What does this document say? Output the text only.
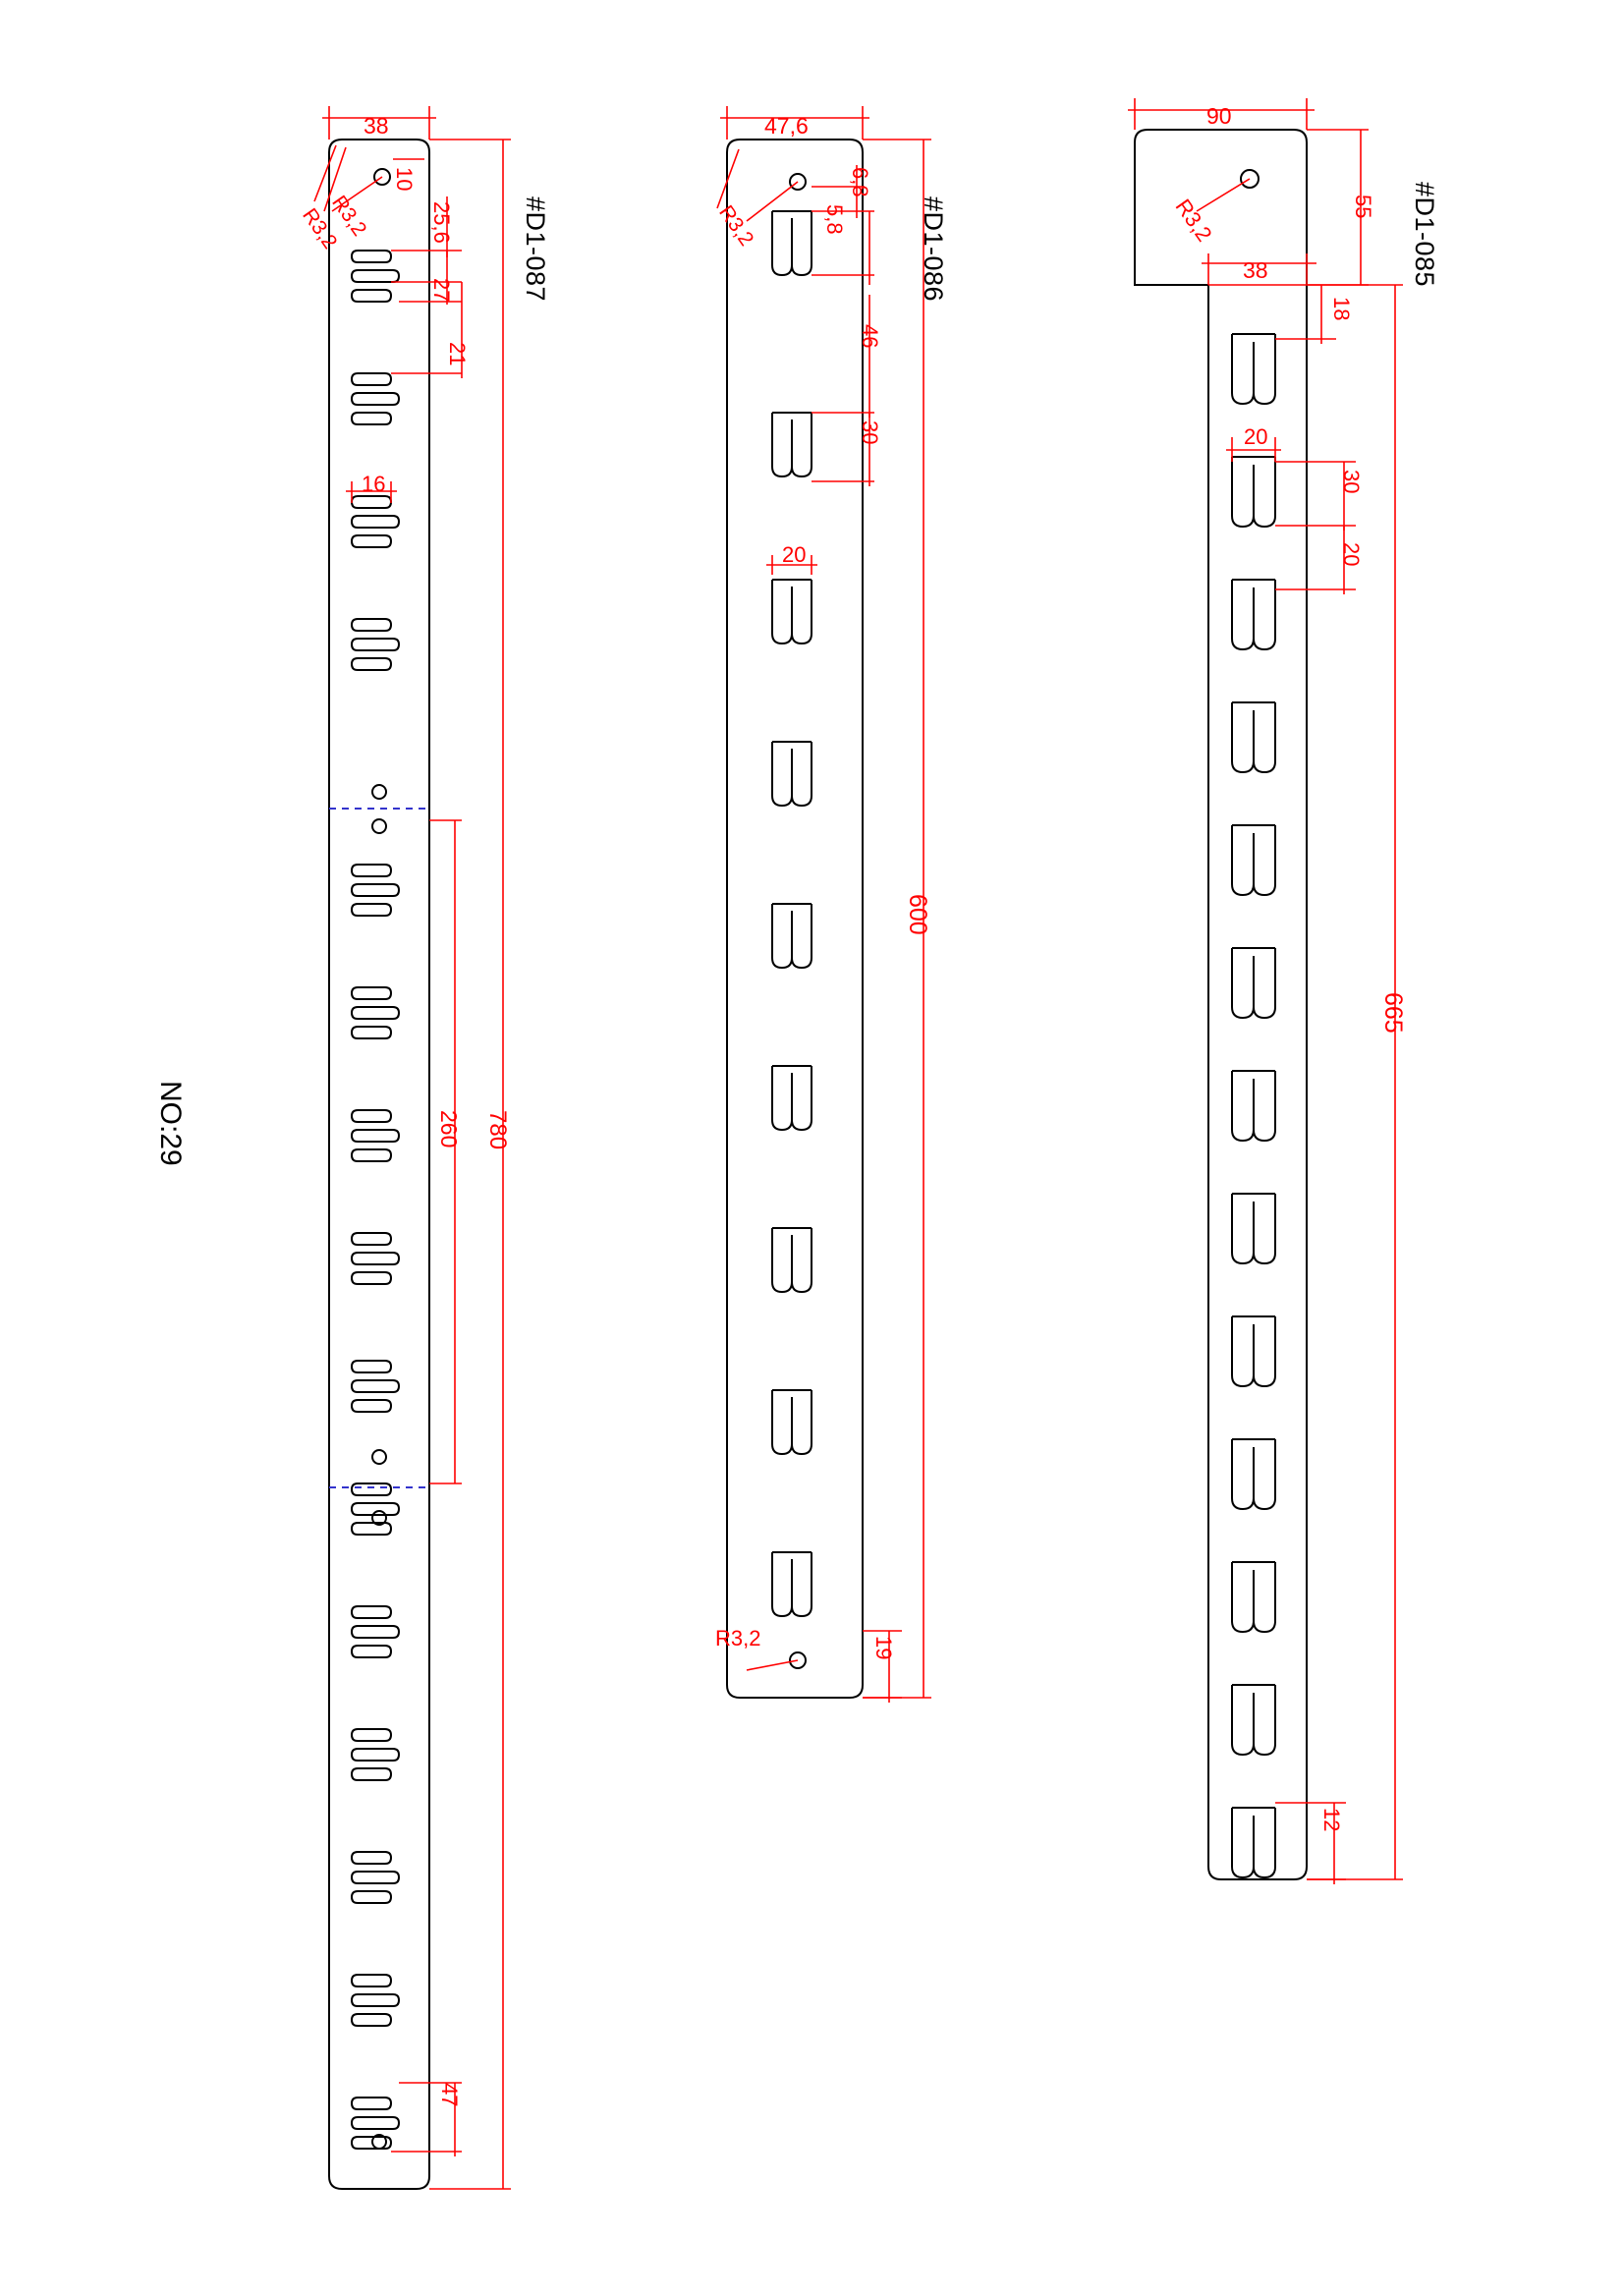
NO:29
#D1-087
38
10
R3,2
R3,2	25,6
27
21
16
260 780
47
#D1-086
47,6
R3,2
6,8
5,8
46
30
20
600
R3,2	19
#D1-085
90
R3,2	55
38
18
20
30
20
665
12
